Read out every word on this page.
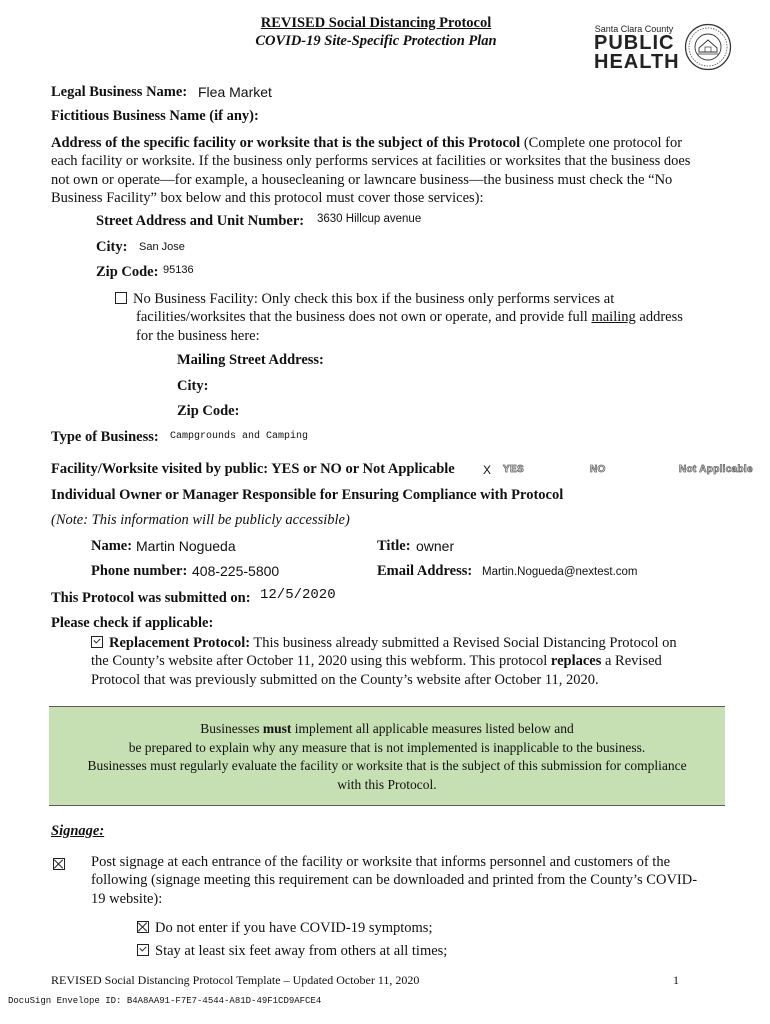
REVISED Social Distancing Protocol
COVID-19 Site-Specific Protection Plan
Santa Clara County
PUBLIC
HEALTH
Legal Business Name: Flea Market
Fictitious Business Name (if any):
Address of the specific facility or worksite that is the subject of this Protocol (Complete one protocol for
each facility or worksite. If the business only performs services at facilities or worksites that the business does
not own or operate—for example, a housecleaning or lawncare business—the business must check the “No
Business Facility” box below and this protocol must cover those services):
Street Address and Unit Number: 3630 Hillcup avenue
City: San Jose
Zip Code: 95136
No Business Facility: Only check this box if the business only performs services at
facilities/worksites that the business does not own or operate, and provide full mailing address
for the business here:
Mailing Street Address:
City:
Zip Code:
Type of Business: Campgrounds and Camping
Facility/Worksite visited by public: YES or NO or Not Applicable X YES	NO	Not Applicable
Individual Owner or Manager Responsible for Ensuring Compliance with Protocol
(Note: This information will be publicly accessible)
Name: Martin Nogueda	Title: owner
Phone number: 408-225-5800	Email Address: Martin.Nogueda@nextest.com
This Protocol was submitted on: 12/5/2020
Please check if applicable:
Replacement Protocol: This business already submitted a Revised Social Distancing Protocol on
the County’s website after October 11, 2020 using this webform. This protocol replaces a Revised
Protocol that was previously submitted on the County’s website after October 11, 2020.
Businesses must implement all applicable measures listed below and
be prepared to explain why any measure that is not implemented is inapplicable to the business.
Businesses must regularly evaluate the facility or worksite that is the subject of this submission for compliance
with this Protocol.
Signage:
Post signage at each entrance of the facility or worksite that informs personnel and customers of the
following (signage meeting this requirement can be downloaded and printed from the County’s COVID-
19 website):
Do not enter if you have COVID-19 symptoms;
Stay at least six feet away from others at all times;
REVISED Social Distancing Protocol Template – Updated October 11, 2020	1
DocuSign Envelope ID: B4A8AA91-F7E7-4544-A81D-49F1CD9AFCE4
